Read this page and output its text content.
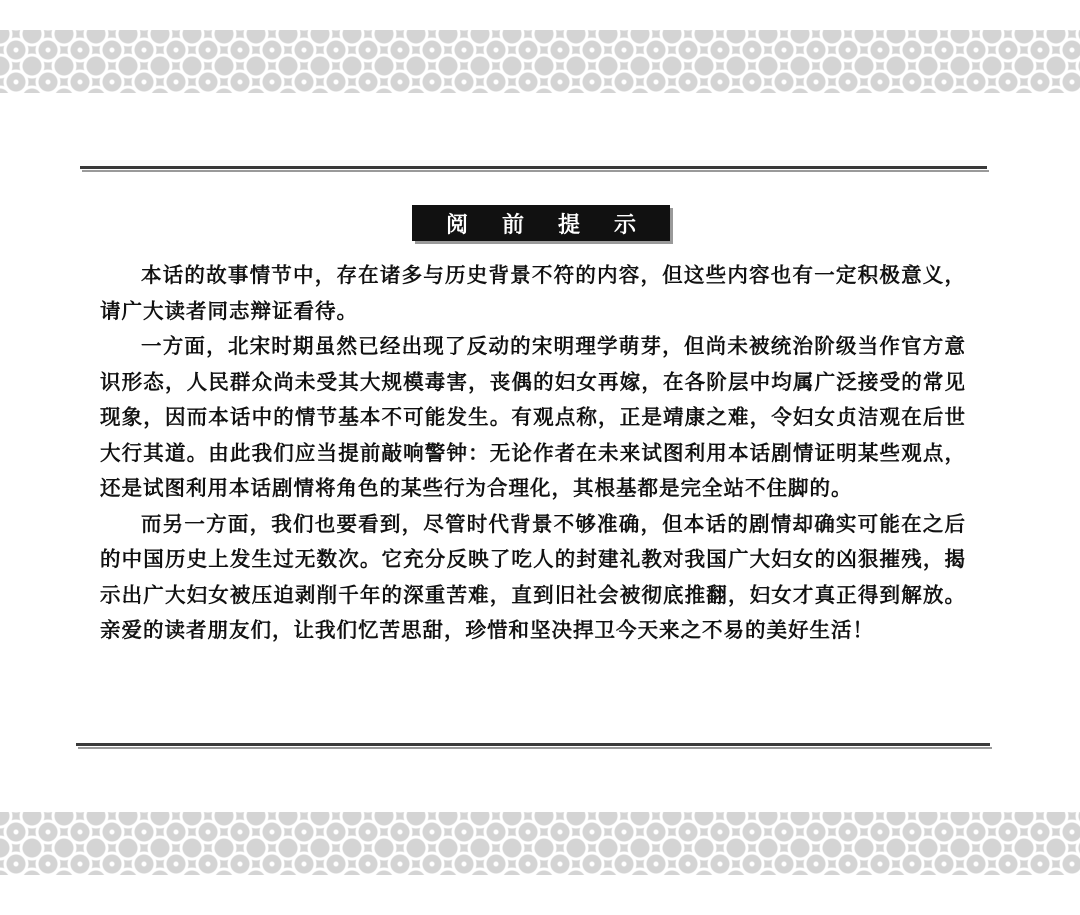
阅前提示

本话的故事情节中，存在诸多与历史背景不符的内容，但这些内容也有一定积极意义，请广大读者同志辩证看待。

一方面，北宋时期虽然已经出现了反动的宋明理学萌芽，但尚未被统治阶级当作官方意识形态，人民群众尚未受其大规模毒害，丧偶的妇女再嫁，在各阶层中均属广泛接受的常见现象，因而本话中的情节基本不可能发生。有观点称，正是靖康之难，令妇女贞洁观在后世大行其道。由此我们应当提前敲响警钟：无论作者在未来试图利用本话剧情证明某些观点，还是试图利用本话剧情将角色的某些行为合理化，其根基都是完全站不住脚的。

而另一方面，我们也要看到，尽管时代背景不够准确，但本话的剧情却确实可能在之后的中国历史上发生过无数次。它充分反映了吃人的封建礼教对我国广大妇女的凶狠摧残，揭示出广大妇女被压迫剥削千年的深重苦难，直到旧社会被彻底推翻，妇女才真正得到解放。亲爱的读者朋友们，让我们忆苦思甜，珍惜和坚决捍卫今天来之不易的美好生活！
